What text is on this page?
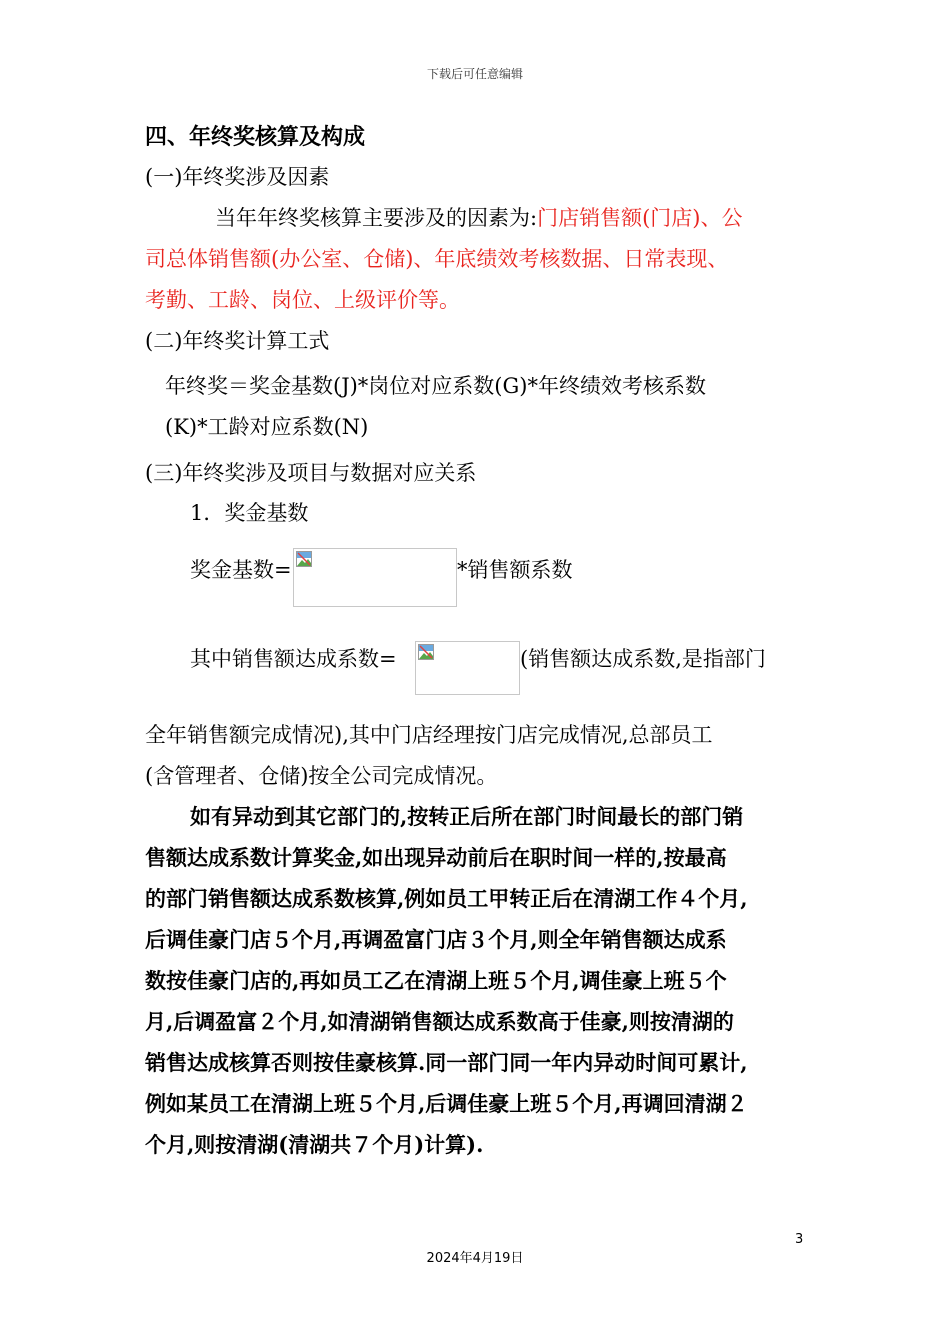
下载后可任意编辑
四、年终奖核算及构成
(一)年终奖涉及因素
当年年终奖核算主要涉及的因素为:门店销售额(门店)、公
司总体销售额(办公室、仓储)、年底绩效考核数据、日常表现、
考勤、工龄、岗位、上级评价等。
(二)年终奖计算工式
年终奖＝奖金基数(J)*岗位对应系数(G)*年终绩效考核系数
(K)*工龄对应系数(N)
(三)年终奖涉及项目与数据对应关系
1．奖金基数
奖金基数=	*销售额系数
其中销售额达成系数=	(销售额达成系数,是指部门
全年销售额完成情况),其中门店经理按门店完成情况,总部员工
(含管理者、仓储)按全公司完成情况。
如有异动到其它部门的,按转正后所在部门时间最长的部门销
售额达成系数计算奖金,如出现异动前后在职时间一样的,按最高
的部门销售额达成系数核算,例如员工甲转正后在清湖工作４个月,
后调佳豪门店５个月,再调盈富门店３个月,则全年销售额达成系
数按佳豪门店的,再如员工乙在清湖上班５个月,调佳豪上班５个
月,后调盈富２个月,如清湖销售额达成系数高于佳豪,则按清湖的
销售达成核算否则按佳豪核算.同一部门同一年内异动时间可累计,
例如某员工在清湖上班５个月,后调佳豪上班５个月,再调回清湖２
个月,则按清湖(清湖共７个月)计算).
3
2024年4月19日
